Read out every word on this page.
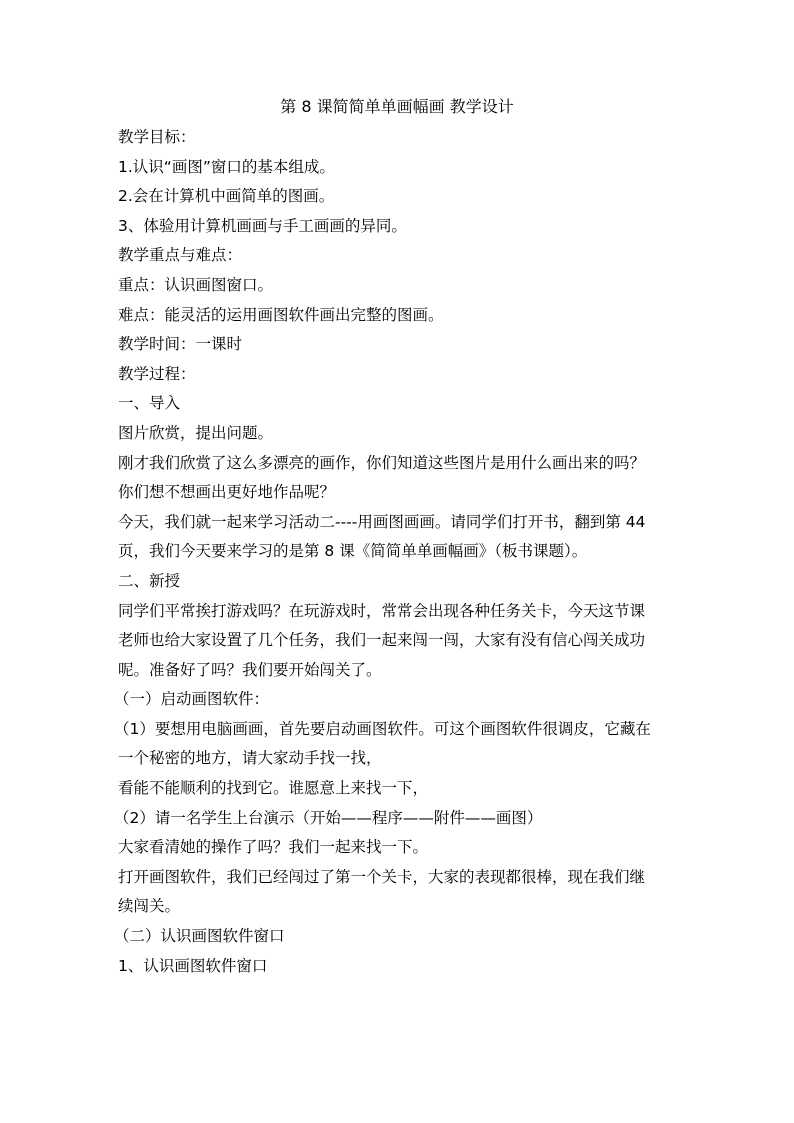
第 8 课简简单单画幅画 教学设计
教学目标：
1.认识“画图”窗口的基本组成。
2.会在计算机中画简单的图画。
3、体验用计算机画画与手工画画的异同。
教学重点与难点：
重点：认识画图窗口。
难点：能灵活的运用画图软件画出完整的图画。
教学时间：一课时
教学过程：
一、导入
图片欣赏，提出问题。
刚才我们欣赏了这么多漂亮的画作，你们知道这些图片是用什么画出来的吗？
你们想不想画出更好地作品呢？
今天，我们就一起来学习活动二----用画图画画。请同学们打开书，翻到第 44
页，我们今天要来学习的是第 8 课《简简单单画幅画》（板书课题）。
二、新授
同学们平常挨打游戏吗？在玩游戏时，常常会出现各种任务关卡，今天这节课
老师也给大家设置了几个任务，我们一起来闯一闯，大家有没有信心闯关成功
呢。准备好了吗？我们要开始闯关了。
（一）启动画图软件：
（1）要想用电脑画画，首先要启动画图软件。可这个画图软件很调皮，它藏在
一个秘密的地方，请大家动手找一找，
看能不能顺利的找到它。谁愿意上来找一下，
（2）请一名学生上台演示（开始——程序——附件——画图）
大家看清她的操作了吗？我们一起来找一下。
打开画图软件，我们已经闯过了第一个关卡，大家的表现都很棒，现在我们继
续闯关。
（二）认识画图软件窗口
1、认识画图软件窗口
